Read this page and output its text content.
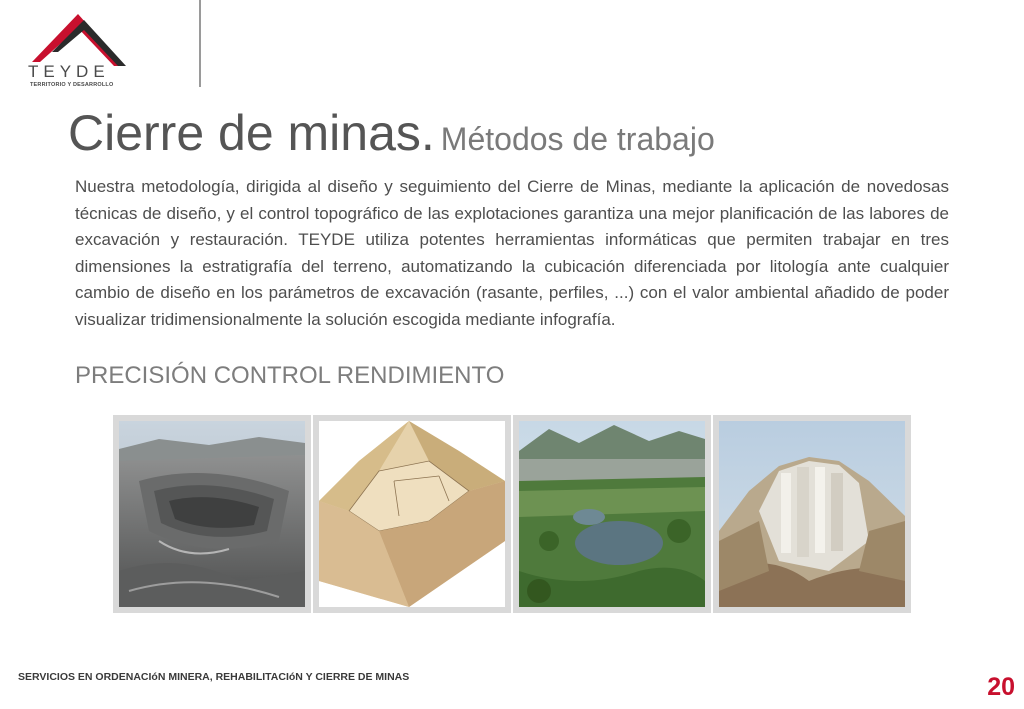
TEYDE
TERRITORIO Y DESARROLLO
Cierre de minas. Métodos de trabajo

Nuestra metodología, dirigida al diseño y seguimiento del Cierre de Minas, mediante la aplicación de novedosas técnicas de diseño, y el control topográfico de las explotaciones garantiza una mejor planificación de las labores de excavación y restauración. TEYDE utiliza potentes herramientas informáticas que permiten trabajar en tres dimensiones la estratigrafía del terreno, automatizando la cubicación diferenciada por litología ante cualquier cambio de diseño en los parámetros de excavación (rasante, perfiles, ...) con el valor ambiental añadido de poder visualizar tridimensionalmente la solución escogida mediante infografía.

PRECISIÓN CONTROL RENDIMIENTO
SERVICIOS EN ORDENACIóN MINERA, REHABILITACIóN Y CIERRE DE MINAS	20
